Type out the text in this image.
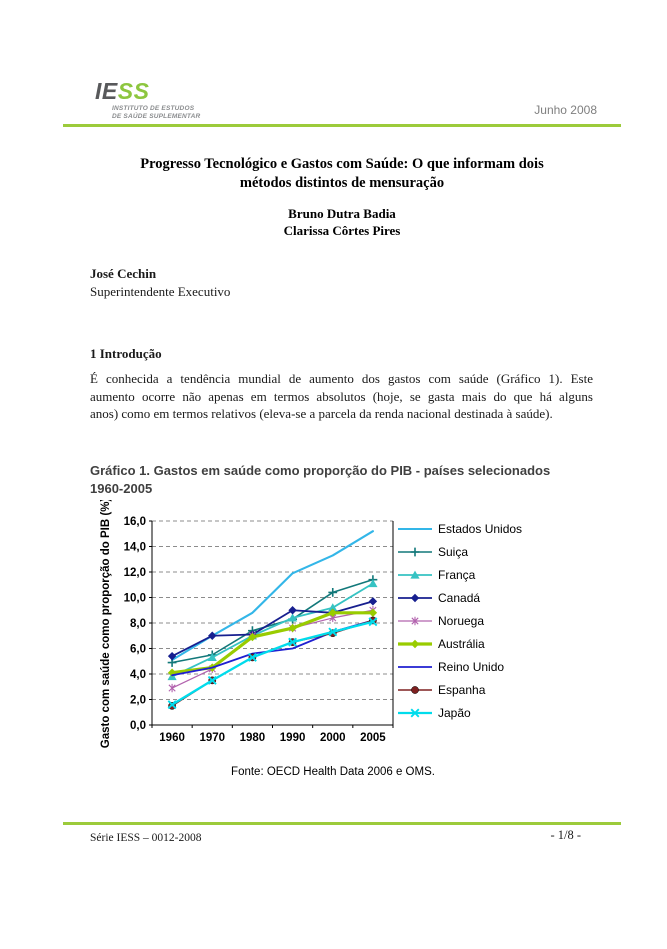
IESS
INSTITUTO DE ESTUDOS
DE SAÚDE SUPLEMENTAR	Junho 2008
Progresso Tecnológico e Gastos com Saúde: O que informam dois
métodos distintos de mensuração
Bruno Dutra Badia
Clarissa Côrtes Pires
José Cechin
Superintendente Executivo
1 Introdução
É conhecida a tendência mundial de aumento dos gastos com saúde (Gráfico 1). Este
aumento ocorre não apenas em termos absolutos (hoje, se gasta mais do que há alguns
anos) como em termos relativos (eleva-se a parcela da renda nacional destinada à saúde).
Gráfico 1. Gastos em saúde como proporção do PIB - países selecionados
1960-2005
0,0
2,0
4,0
6,0
8,0
10,0
12,0
14,0
16,0
1960 1970 1980 1990 2000 2005
Gasto com saúde como proporção do PIB (%)	Estados Unidos
Suiça
França
Canadá
Noruega
Austrália
Reino Unido
Espanha
Japão
Fonte: OECD Health Data 2006 e OMS.
Série IESS – 0012-2008	- 1/8 -
